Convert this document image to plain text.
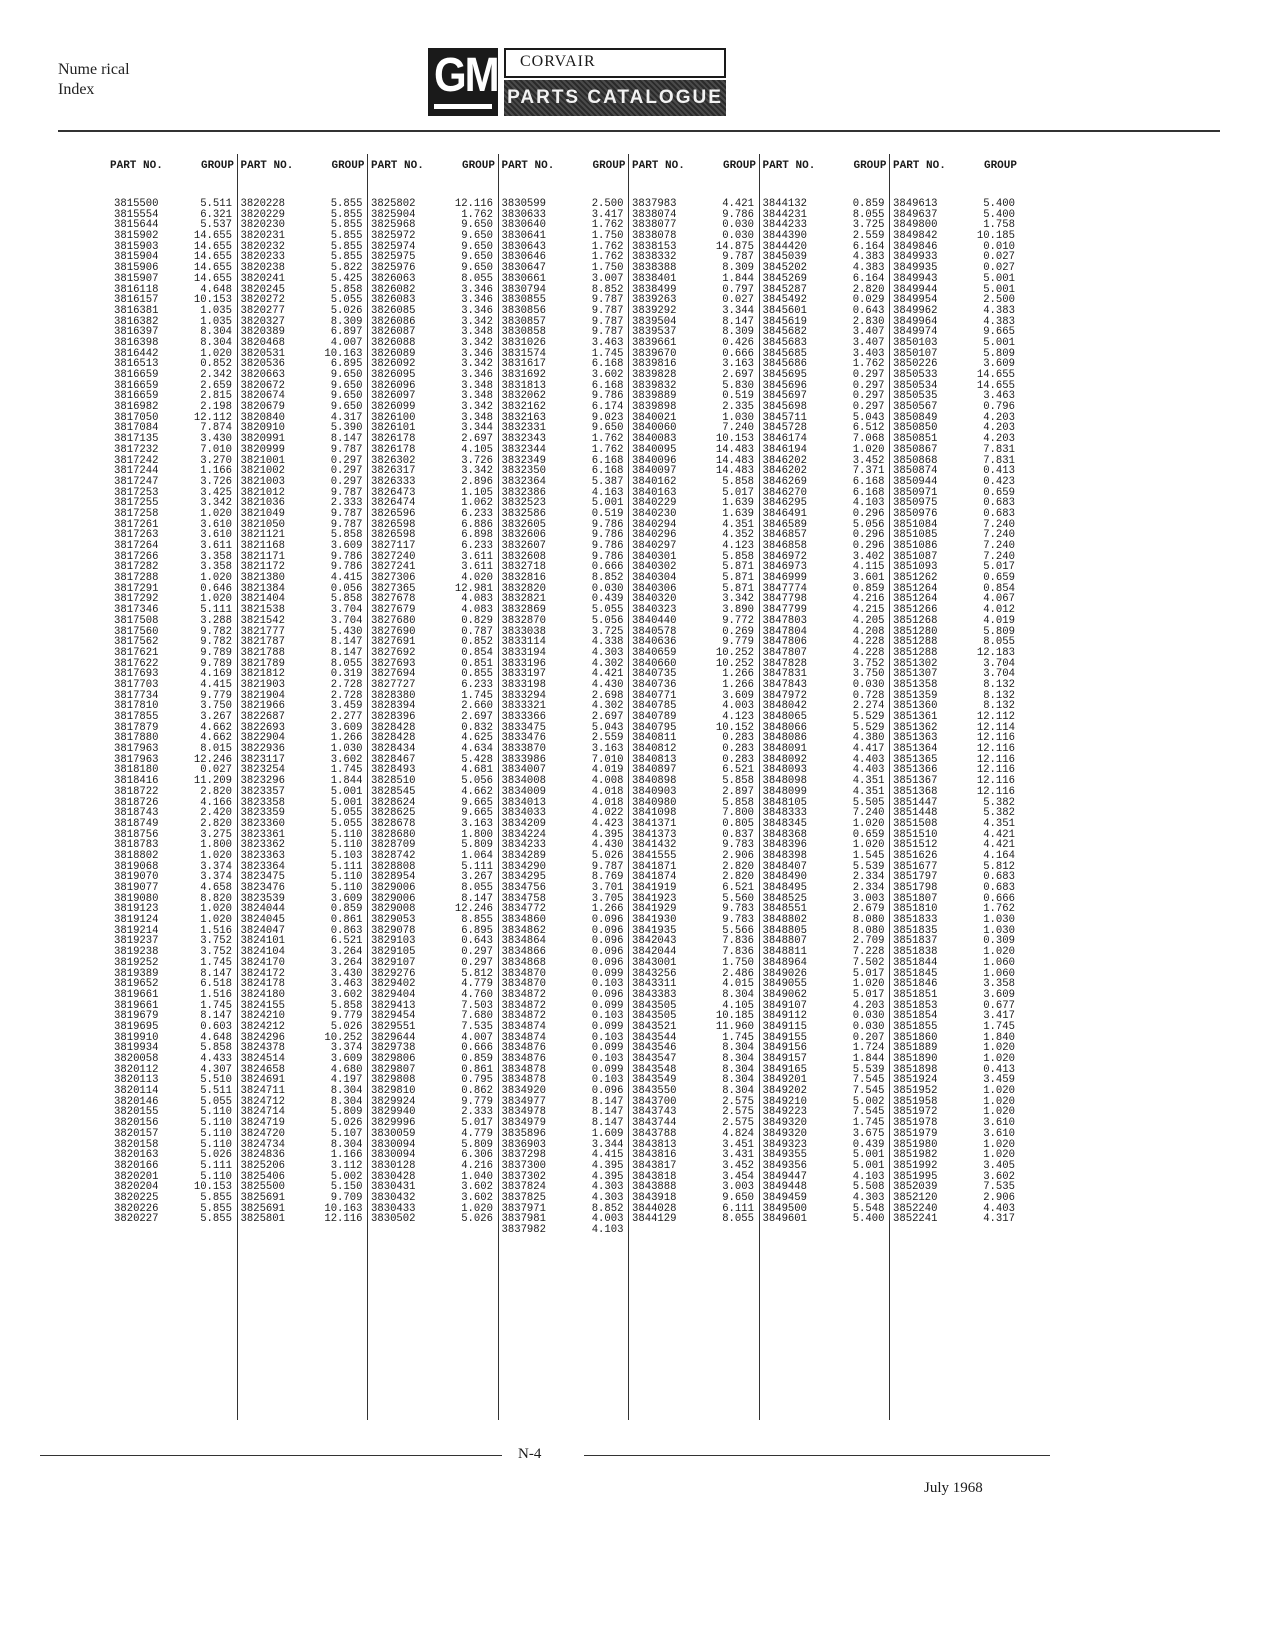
Nume rical
Index	GM CORVAIR
PARTS CATALOGUE
PART NO.	GROUP
3815500	5.511
3815554	6.321
3815644	5.537
3815902	14.655
3815903	14.655
3815904	14.655
3815906	14.655
3815907	14.655
3816118	4.648
3816157	10.153
3816381	1.035
3816382	1.035
3816397	8.304
3816398	8.304
3816442	1.020
3816513	0.852
3816659	2.342
3816659	2.659
3816659	2.815
3816982	2.198
3817050	12.112
3817084	7.874
3817135	3.430
3817232	7.010
3817242	3.270
3817244	1.166
3817247	3.726
3817253	3.425
3817255	3.342
3817258	1.020
3817261	3.610
3817263	3.610
3817264	3.611
3817266	3.358
3817282	3.358
3817288	1.020
3817291	0.646
3817292	1.020
3817346	5.111
3817508	3.288
3817560	9.782
3817562	9.782
3817621	9.789
3817622	9.789
3817693	4.169
3817703	4.415
3817734	9.779
3817810	3.750
3817855	3.267
3817879	4.662
3817880	4.662
3817963	8.015
3817963	12.246
3818180	0.027
3818416	11.209
3818722	2.820
3818726	4.166
3818743	2.420
3818749	2.820
3818756	3.275
3818783	1.800
3818802	1.020
3819068	3.374
3819070	3.374
3819077	4.658
3819080	8.820
3819123	1.020
3819124	1.020
3819214	1.516
3819237	3.752
3819238	3.752
3819252	1.745
3819389	8.147
3819652	6.518
3819661	1.516
3819661	1.745
3819679	8.147
3819695	0.603
3819910	4.648
3819934	5.858
3820058	4.433
3820112	4.307
3820113	5.510
3820114	5.511
3820146	5.055
3820155	5.110
3820156	5.110
3820157	5.110
3820158	5.110
3820163	5.026
3820166	5.111
3820201	5.110
3820204	10.153
3820225	5.855
3820226	5.855
3820227	5.855
PART NO.	GROUP
3820228	5.855
3820229	5.855
3820230	5.855
3820231	5.855
3820232	5.855
3820233	5.855
3820238	5.822
3820241	5.425
3820245	5.858
3820272	5.055
3820277	5.026
3820327	8.309
3820389	6.897
3820468	4.007
3820531	10.163
3820536	6.895
3820663	9.650
3820672	9.650
3820674	9.650
3820679	9.650
3820840	4.317
3820910	5.390
3820991	8.147
3820999	9.787
3821001	0.297
3821002	0.297
3821003	0.297
3821012	9.787
3821036	2.333
3821049	9.787
3821050	9.787
3821121	5.858
3821168	3.609
3821171	9.786
3821172	9.786
3821380	4.415
3821384	0.056
3821404	5.858
3821538	3.704
3821542	3.704
3821777	5.430
3821787	8.147
3821788	8.147
3821789	8.055
3821812	0.319
3821903	2.728
3821904	2.728
3821966	3.459
3822687	2.277
3822693	3.609
3822904	1.266
3822936	1.030
3823117	3.602
3823254	1.745
3823296	1.844
3823357	5.001
3823358	5.001
3823359	5.055
3823360	5.055
3823361	5.110
3823362	5.110
3823363	5.103
3823364	5.111
3823475	5.110
3823476	5.110
3823539	3.609
3824044	0.859
3824045	0.861
3824047	0.863
3824101	6.521
3824104	3.264
3824170	3.264
3824172	3.430
3824178	3.463
3824180	3.602
3824155	5.858
3824210	9.779
3824212	5.026
3824296	10.252
3824378	3.374
3824514	3.609
3824658	4.680
3824691	4.197
3824711	8.304
3824712	8.304
3824714	5.809
3824719	5.026
3824720	5.107
3824734	8.304
3824836	1.166
3825206	3.112
3825406	5.002
3825500	5.150
3825691	9.709
3825691	10.163
3825801	12.116
PART NO.	GROUP
3825802	12.116
3825904	1.762
3825968	9.650
3825972	9.650
3825974	9.650
3825975	9.650
3825976	9.650
3826063	8.055
3826082	3.346
3826083	3.346
3826085	3.346
3826086	3.342
3826087	3.348
3826088	3.342
3826089	3.346
3826092	3.342
3826095	3.346
3826096	3.348
3826097	3.348
3826099	3.342
3826100	3.348
3826101	3.344
3826178	2.697
3826178	4.105
3826302	3.726
3826317	3.342
3826333	2.896
3826473	1.105
3826474	1.062
3826596	6.233
3826598	6.886
3826598	6.898
3827117	6.233
3827240	3.611
3827241	3.611
3827306	4.020
3827365	12.981
3827678	4.083
3827679	4.083
3827680	0.829
3827690	0.787
3827691	0.852
3827692	0.854
3827693	0.851
3827694	0.855
3827727	6.233
3828380	1.745
3828394	2.660
3828396	2.697
3828428	0.832
3828428	4.625
3828434	4.634
3828467	5.428
3828493	4.681
3828510	5.056
3828545	4.662
3828624	9.665
3828625	9.665
3828678	3.163
3828680	1.800
3828709	5.809
3828742	1.064
3828808	5.111
3828954	3.267
3829006	8.055
3829006	8.147
3829008	12.246
3829053	8.855
3829078	6.895
3829103	0.643
3829105	0.297
3829107	0.297
3829276	5.812
3829402	4.779
3829404	4.760
3829413	7.503
3829454	7.680
3829551	7.535
3829644	4.007
3829738	0.666
3829806	0.859
3829807	0.861
3829808	0.795
3829810	0.862
3829924	9.779
3829940	2.333
3829996	5.017
3830059	4.779
3830094	5.809
3830094	6.306
3830128	4.216
3830428	1.040
3830431	3.602
3830432	3.602
3830433	1.020
3830502	5.026
PART NO.	GROUP
3830599	2.500
3830633	3.417
3830640	1.762
3830641	1.750
3830643	1.762
3830646	1.762
3830647	1.750
3830661	3.007
3830794	8.852
3830855	9.787
3830856	9.787
3830857	9.787
3830858	9.787
3831026	3.463
3831574	1.745
3831617	6.168
3831692	3.602
3831813	6.168
3832062	9.786
3832162	6.174
3832163	9.023
3832331	9.650
3832343	1.762
3832344	1.762
3832349	6.168
3832350	6.168
3832364	5.387
3832386	4.163
3832523	5.001
3832586	0.519
3832605	9.786
3832606	9.786
3832607	9.786
3832608	9.786
3832718	0.666
3832816	8.852
3832820	0.030
3832821	0.439
3832869	5.055
3832870	5.056
3833038	3.725
3833114	4.338
3833194	4.303
3833196	4.302
3833197	4.421
3833198	4.430
3833294	2.698
3833321	4.302
3833366	2.697
3833475	5.043
3833476	2.559
3833870	3.163
3833986	7.010
3834007	4.019
3834008	4.008
3834009	4.018
3834013	4.018
3834033	4.022
3834209	4.423
3834224	4.395
3834233	4.430
3834289	5.026
3834290	9.787
3834295	8.769
3834756	3.701
3834758	3.705
3834772	1.266
3834860	0.096
3834862	0.096
3834864	0.096
3834866	0.096
3834868	0.096
3834870	0.099
3834870	0.103
3834872	0.096
3834872	0.099
3834872	0.103
3834874	0.099
3834874	0.103
3834876	0.099
3834876	0.103
3834878	0.099
3834878	0.103
3834920	0.096
3834977	8.147
3834978	8.147
3834979	8.147
3835896	1.609
3836903	3.344
3837298	4.415
3837300	4.395
3837302	4.395
3837824	4.303
3837825	4.303
3837971	8.852
3837981	4.003
3837982	4.103
PART NO.	GROUP
3837983	4.421
3838074	9.786
3838077	0.030
3838078	0.030
3838153	14.875
3838332	9.787
3838388	8.309
3838401	1.844
3838499	0.797
3839263	0.027
3839292	3.344
3839504	8.147
3839537	8.309
3839661	0.426
3839670	0.666
3839816	3.163
3839828	2.697
3839832	5.830
3839889	0.519
3839898	2.335
3840021	1.030
3840060	7.240
3840083	10.153
3840095	14.483
3840096	14.483
3840097	14.483
3840162	5.858
3840163	5.017
3840229	1.639
3840230	1.639
3840294	4.351
3840296	4.352
3840297	4.123
3840301	5.858
3840302	5.871
3840304	5.871
3840306	5.871
3840320	3.342
3840323	3.890
3840440	9.772
3840578	0.269
3840636	9.779
3840659	10.252
3840660	10.252
3840735	1.266
3840736	1.266
3840771	3.609
3840785	4.003
3840789	4.123
3840795	10.152
3840811	0.283
3840812	0.283
3840813	0.283
3840897	6.521
3840898	5.858
3840903	2.897
3840980	5.858
3841098	7.800
3841371	0.805
3841373	0.837
3841432	9.783
3841555	2.906
3841871	2.820
3841874	2.820
3841919	6.521
3841923	5.560
3841929	9.783
3841930	9.783
3841935	5.566
3842043	7.836
3842044	7.836
3843001	1.750
3843256	2.486
3843311	4.015
3843383	8.304
3843505	4.105
3843505	10.185
3843521	11.960
3843544	1.745
3843546	8.304
3843547	8.304
3843548	8.304
3843549	8.304
3843550	8.304
3843700	2.575
3843743	2.575
3843744	2.575
3843788	4.824
3843813	3.451
3843816	3.431
3843817	3.452
3843818	3.454
3843888	3.003
3843918	9.650
3844028	6.111
3844129	8.055
PART NO.	GROUP
3844132	0.859
3844231	8.055
3844233	3.725
3844390	2.559
3844420	6.164
3845039	4.383
3845202	4.383
3845269	6.164
3845287	2.820
3845492	0.029
3845601	0.643
3845619	2.830
3845682	3.407
3845683	3.407
3845685	3.403
3845686	1.762
3845695	0.297
3845696	0.297
3845697	0.297
3845698	0.297
3845711	5.043
3845728	6.512
3846174	7.068
3846194	1.020
3846202	3.452
3846202	7.371
3846269	6.168
3846270	6.168
3846295	4.103
3846491	0.296
3846589	5.056
3846857	0.296
3846858	0.296
3846972	3.402
3846973	4.115
3846999	3.601
3847774	0.859
3847798	4.216
3847799	4.215
3847803	4.205
3847804	4.208
3847806	4.228
3847807	4.228
3847828	3.752
3847831	3.750
3847843	0.030
3847972	0.728
3848042	2.274
3848065	5.529
3848066	5.529
3848086	4.380
3848091	4.417
3848092	4.403
3848093	4.403
3848098	4.351
3848099	4.351
3848105	5.505
3848333	7.240
3848345	1.020
3848368	0.659
3848396	1.020
3848398	1.545
3848407	5.539
3848490	2.334
3848495	2.334
3848525	3.003
3848551	2.679
3848802	8.080
3848805	8.080
3848807	2.709
3848811	7.228
3848964	7.502
3849026	5.017
3849055	1.020
3849062	5.017
3849107	4.203
3849112	0.030
3849115	0.030
3849155	0.207
3849156	1.724
3849157	1.844
3849165	5.539
3849201	7.545
3849202	7.545
3849210	5.002
3849223	7.545
3849320	1.745
3849320	3.675
3849323	0.439
3849355	5.001
3849356	5.001
3849447	4.103
3849448	5.508
3849459	4.303
3849500	5.548
3849601	5.400
PART NO.	GROUP
3849613	5.400
3849637	5.400
3849800	1.758
3849842	10.185
3849846	0.010
3849933	0.027
3849935	0.027
3849943	5.001
3849944	5.001
3849954	2.500
3849962	4.383
3849964	4.383
3849974	9.665
3850103	5.001
3850107	5.809
3850226	3.609
3850533	14.655
3850534	14.655
3850535	3.463
3850567	0.796
3850849	4.203
3850850	4.203
3850851	4.203
3850867	7.831
3850868	7.831
3850874	0.413
3850944	0.423
3850971	0.659
3850975	0.683
3850976	0.683
3851084	7.240
3851085	7.240
3851086	7.240
3851087	7.240
3851093	5.017
3851262	0.659
3851264	0.854
3851264	4.067
3851266	4.012
3851268	4.019
3851280	5.809
3851288	8.055
3851288	12.183
3851302	3.704
3851307	3.704
3851358	8.132
3851359	8.132
3851360	8.132
3851361	12.112
3851362	12.114
3851363	12.116
3851364	12.116
3851365	12.116
3851366	12.116
3851367	12.116
3851368	12.116
3851447	5.382
3851448	5.382
3851508	4.351
3851510	4.421
3851512	4.421
3851626	4.164
3851677	5.812
3851797	0.683
3851798	0.683
3851807	0.666
3851810	1.762
3851833	1.030
3851835	1.030
3851837	0.309
3851838	1.020
3851844	1.060
3851845	1.060
3851846	3.358
3851851	3.609
3851853	0.677
3851854	3.417
3851855	1.745
3851860	1.840
3851889	1.020
3851890	1.020
3851898	0.413
3851924	3.459
3851952	1.020
3851958	1.020
3851972	1.020
3851978	3.610
3851979	3.610
3851980	1.020
3851982	1.020
3851992	3.405
3851995	3.602
3852039	7.535
3852120	2.906
3852240	4.403
3852241	4.317
N-4
July 1968
